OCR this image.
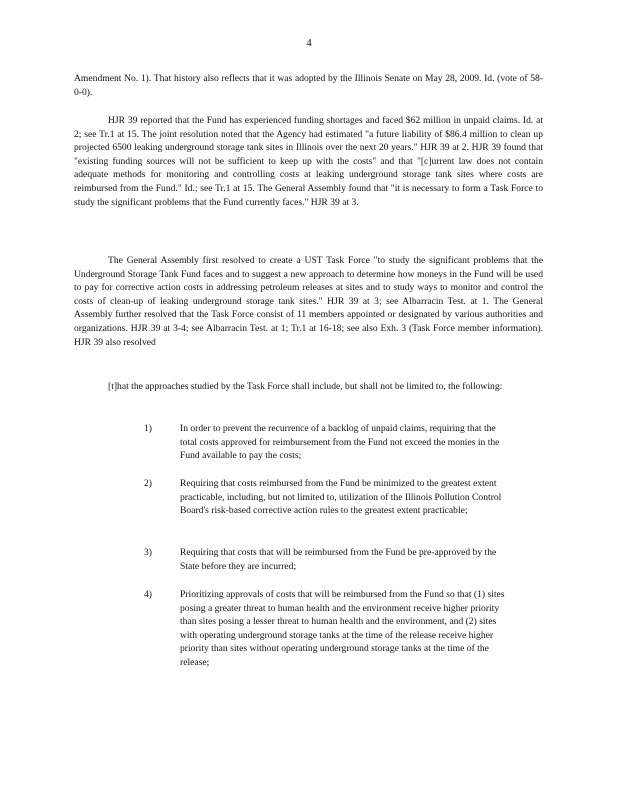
4

Amendment No. 1). That history also reflects that it was adopted by the Illinois Senate on May 28, 2009. Id. (vote of 58-0-0).

HJR 39 reported that the Fund has experienced funding shortages and faced $62 million in unpaid claims. Id. at 2; see Tr.1 at 15. The joint resolution noted that the Agency had estimated "a future liability of $86.4 million to clean up projected 6500 leaking underground storage tank sites in Illinois over the next 20 years." HJR 39 at 2. HJR 39 found that "existing funding sources will not be sufficient to keep up with the costs" and that "[c]urrent law does not contain adequate methods for monitoring and controlling costs at leaking underground storage tank sites where costs are reimbursed from the Fund." Id.; see Tr.1 at 15. The General Assembly found that "it is necessary to form a Task Force to study the significant problems that the Fund currently faces." HJR 39 at 3.

The General Assembly first resolved to create a UST Task Force "to study the significant problems that the Underground Storage Tank Fund faces and to suggest a new approach to determine how moneys in the Fund will be used to pay for corrective action costs in addressing petroleum releases at sites and to study ways to monitor and control the costs of clean-up of leaking underground storage tank sites." HJR 39 at 3; see Albarracin Test. at 1. The General Assembly further resolved that the Task Force consist of 11 members appointed or designated by various authorities and organizations. HJR 39 at 3-4; see Albarracin Test. at 1; Tr.1 at 16-18; see also Exh. 3 (Task Force member information). HJR 39 also resolved

[t]hat the approaches studied by the Task Force shall include, but shall not be limited to, the following:
1)	In order to prevent the recurrence of a backlog of unpaid claims, requiring that the total costs approved for reimbursement from the Fund not exceed the monies in the Fund available to pay the costs;
2)	Requiring that costs reimbursed from the Fund be minimized to the greatest extent practicable, including, but not limited to, utilization of the Illinois Pollution Control Board's risk-based corrective action rules to the greatest extent practicable;
3)	Requiring that costs that will be reimbursed from the Fund be pre-approved by the State before they are incurred;
4)	Prioritizing approvals of costs that will be reimbursed from the Fund so that (1) sites posing a greater threat to human health and the environment receive higher priority than sites posing a lesser threat to human health and the environment, and (2) sites with operating underground storage tanks at the time of the release receive higher priority than sites without operating underground storage tanks at the time of the release;
